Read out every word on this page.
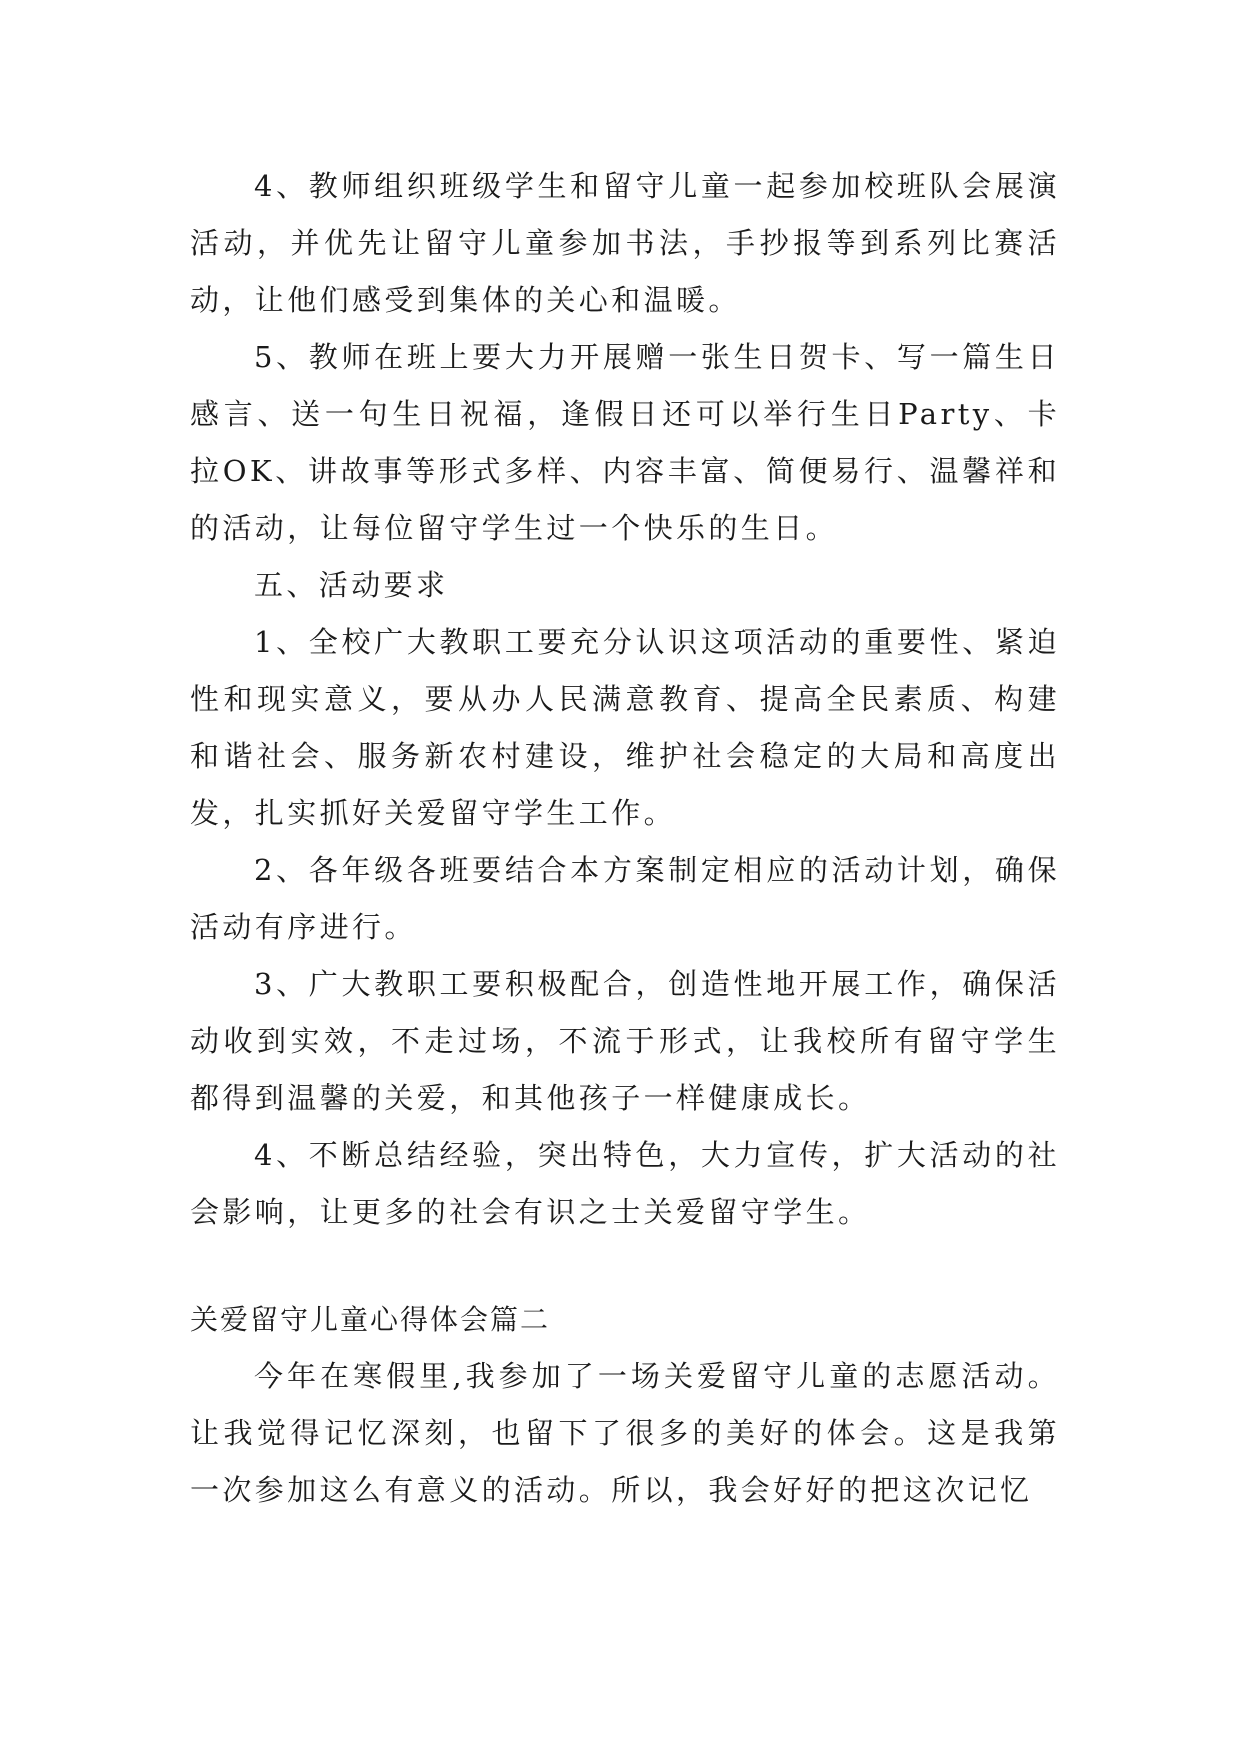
4、教师组织班级学生和留守儿童一起参加校班队会展演活动，并优先让留守儿童参加书法，手抄报等到系列比赛活动，让他们感受到集体的关心和温暖。

5、教师在班上要大力开展赠一张生日贺卡、写一篇生日感言、送一句生日祝福，逢假日还可以举行生日Party、卡拉OK、讲故事等形式多样、内容丰富、简便易行、温馨祥和的活动，让每位留守学生过一个快乐的生日。

五、活动要求

1、全校广大教职工要充分认识这项活动的重要性、紧迫性和现实意义，要从办人民满意教育、提高全民素质、构建和谐社会、服务新农村建设，维护社会稳定的大局和高度出发，扎实抓好关爱留守学生工作。

2、各年级各班要结合本方案制定相应的活动计划，确保活动有序进行。

3、广大教职工要积极配合，创造性地开展工作，确保活动收到实效，不走过场，不流于形式，让我校所有留守学生都得到温馨的关爱，和其他孩子一样健康成长。

4、不断总结经验，突出特色，大力宣传，扩大活动的社会影响，让更多的社会有识之士关爱留守学生。

关爱留守儿童心得体会篇二

今年在寒假里,我参加了一场关爱留守儿童的志愿活动。让我觉得记忆深刻，也留下了很多的美好的体会。这是我第一次参加这么有意义的活动。所以，我会好好的把这次记忆
